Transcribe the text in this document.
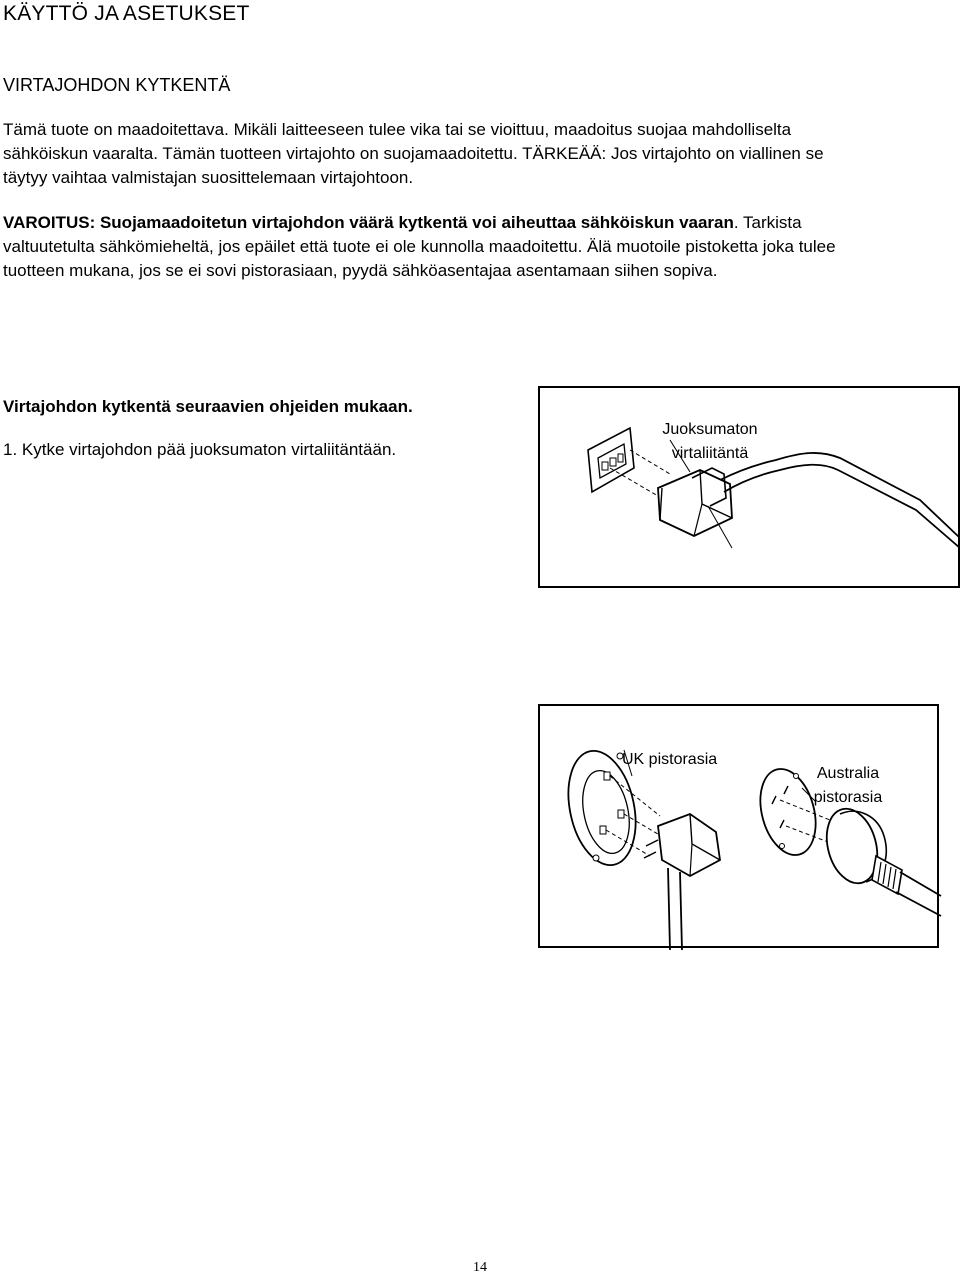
KÄYTTÖ JA ASETUKSET
VIRTAJOHDON KYTKENTÄ
Tämä tuote on maadoitettava. Mikäli laitteeseen tulee vika tai se vioittuu, maadoitus suojaa mahdolliselta
sähköiskun vaaralta. Tämän tuotteen virtajohto on suojamaadoitettu. TÄRKEÄÄ: Jos virtajohto on viallinen se
täytyy vaihtaa valmistajan suosittelemaan virtajohtoon.
VAROITUS: Suojamaadoitetun virtajohdon väärä kytkentä voi aiheuttaa sähköiskun vaaran. Tarkista
valtuutetulta sähkömieheltä, jos epäilet että tuote ei ole kunnolla maadoitettu. Älä muotoile pistoketta joka tulee
tuotteen mukana, jos se ei sovi pistorasiaan, pyydä sähköasentajaa asentamaan siihen sopiva.
Virtajohdon kytkentä seuraavien ohjeiden mukaan.
1. Kytke virtajohdon pää juoksumaton virtaliitäntään.
Juoksumaton
virtaliitäntä
UK pistorasia
Australia
pistorasia
14
